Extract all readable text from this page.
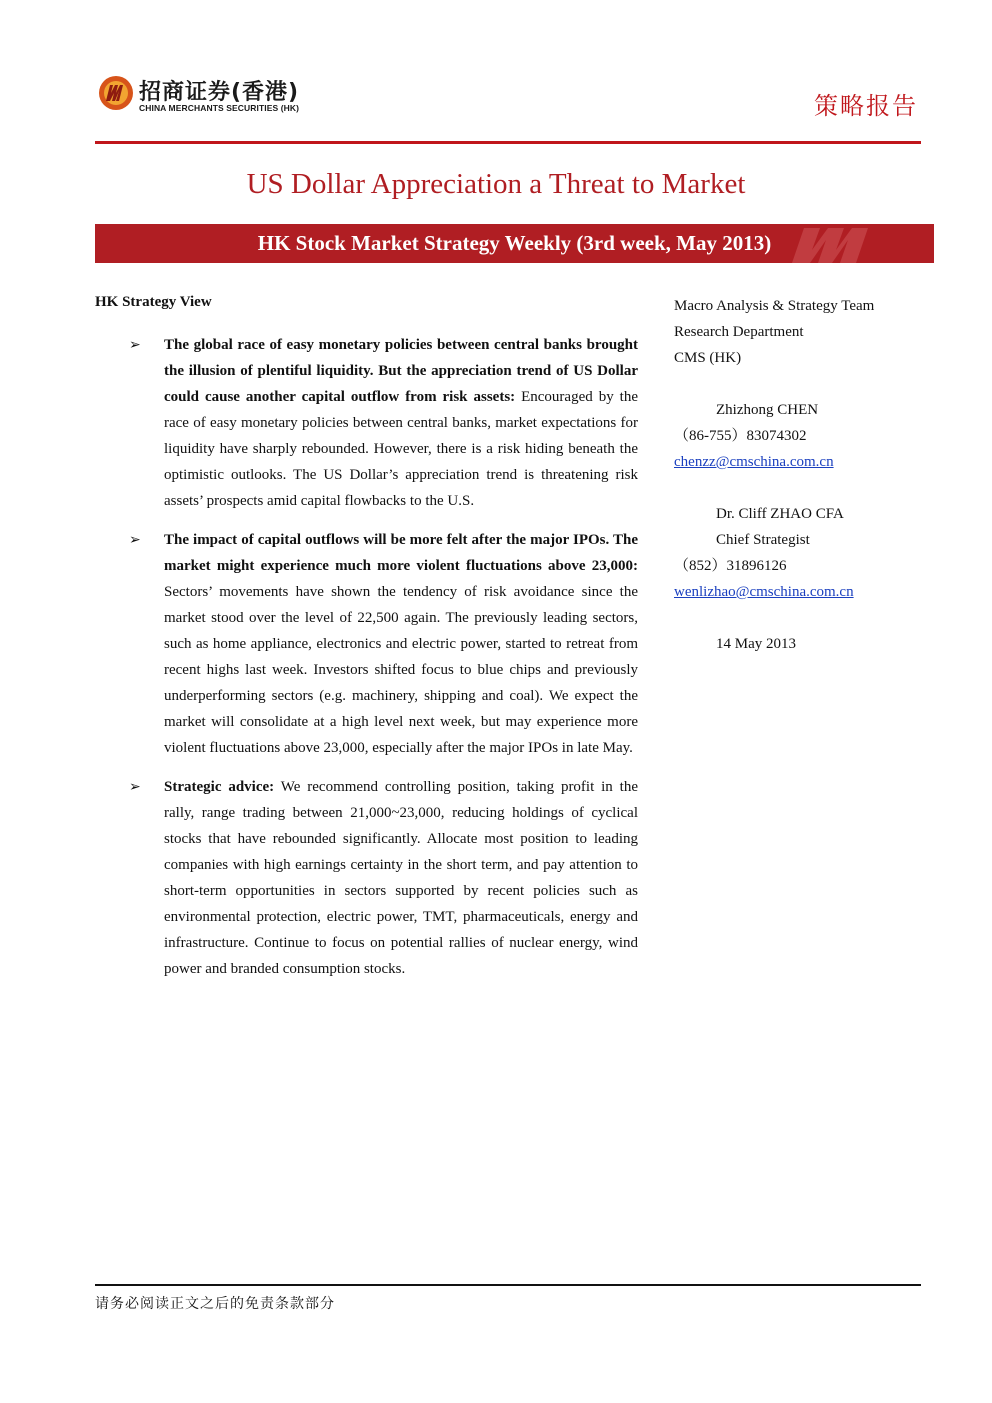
招商证券(香港)
CHINA MERCHANTS SECURITIES (HK)	策略报告
US Dollar Appreciation a Threat to Market
HK Stock Market Strategy Weekly (3rd week, May 2013)
HK Strategy View
➢ The global race of easy monetary policies between central banks brought the illusion of plentiful liquidity. But the appreciation trend of US Dollar could cause another capital outflow from risk assets: Encouraged by the race of easy monetary policies between central banks, market expectations for liquidity have sharply rebounded. However, there is a risk hiding beneath the optimistic outlooks. The US Dollar’s appreciation trend is threatening risk assets’ prospects amid capital flowbacks to the U.S.
➢ The impact of capital outflows will be more felt after the major IPOs. The market might experience much more violent fluctuations above 23,000: Sectors’ movements have shown the tendency of risk avoidance since the market stood over the level of 22,500 again. The previously leading sectors, such as home appliance, electronics and electric power, started to retreat from recent highs last week. Investors shifted focus to blue chips and previously underperforming sectors (e.g. machinery, shipping and coal). We expect the market will consolidate at a high level next week, but may experience more violent fluctuations above 23,000, especially after the major IPOs in late May.
➢ Strategic advice: We recommend controlling position, taking profit in the rally, range trading between 21,000~23,000, reducing holdings of cyclical stocks that have rebounded significantly. Allocate most position to leading companies with high earnings certainty in the short term, and pay attention to short-term opportunities in sectors supported by recent policies such as environmental protection, electric power, TMT, pharmaceuticals, energy and infrastructure. Continue to focus on potential rallies of nuclear energy, wind power and branded consumption stocks.
Macro Analysis & Strategy Team
Research Department
CMS (HK)
Zhizhong CHEN
（86-755）83074302
chenzz@cmschina.com.cn
Dr. Cliff ZHAO CFA
Chief Strategist
（852）31896126
wenlizhao@cmschina.com.cn
14 May 2013
请务必阅读正文之后的免责条款部分
